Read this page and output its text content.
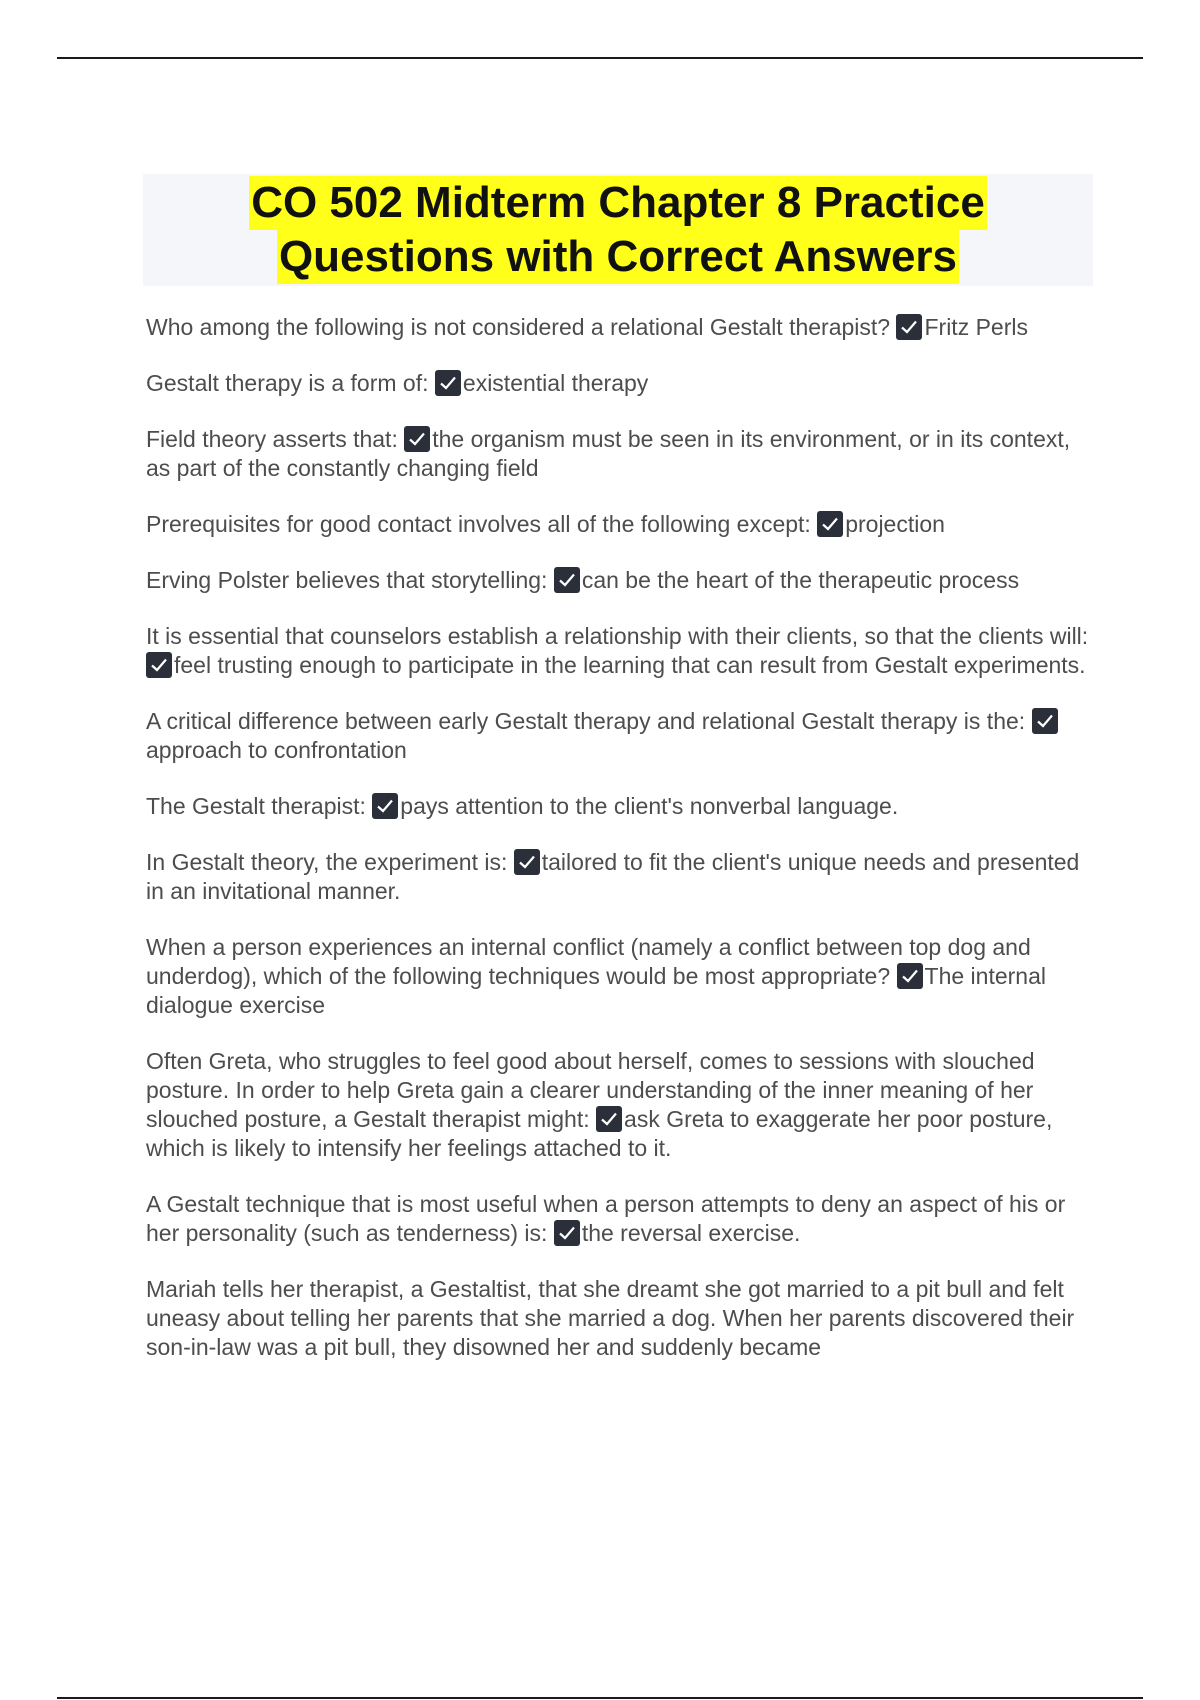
CO 502 Midterm Chapter 8 Practice
Questions with Correct Answers
Who among the following is not considered a relational Gestalt therapist? Fritz Perls
Gestalt therapy is a form of: existential therapy
Field theory asserts that: the organism must be seen in its environment, or in its context, as part of the constantly changing field
Prerequisites for good contact involves all of the following except: projection
Erving Polster believes that storytelling: can be the heart of the therapeutic process
It is essential that counselors establish a relationship with their clients, so that the clients will:
feel trusting enough to participate in the learning that can result from Gestalt experiments.
A critical difference between early Gestalt therapy and relational Gestalt therapy is the:
approach to confrontation
The Gestalt therapist: pays attention to the client's nonverbal language.
In Gestalt theory, the experiment is: tailored to fit the client's unique needs and presented in an invitational manner.
When a person experiences an internal conflict (namely a conflict between top dog and underdog), which of the following techniques would be most appropriate? The internal dialogue exercise
Often Greta, who struggles to feel good about herself, comes to sessions with slouched posture. In order to help Greta gain a clearer understanding of the inner meaning of her slouched posture, a Gestalt therapist might: ask Greta to exaggerate her poor posture, which is likely to intensify her feelings attached to it.
A Gestalt technique that is most useful when a person attempts to deny an aspect of his or her personality (such as tenderness) is: the reversal exercise.
Mariah tells her therapist, a Gestaltist, that she dreamt she got married to a pit bull and felt uneasy about telling her parents that she married a dog. When her parents discovered their son-in-law was a pit bull, they disowned her and suddenly became
